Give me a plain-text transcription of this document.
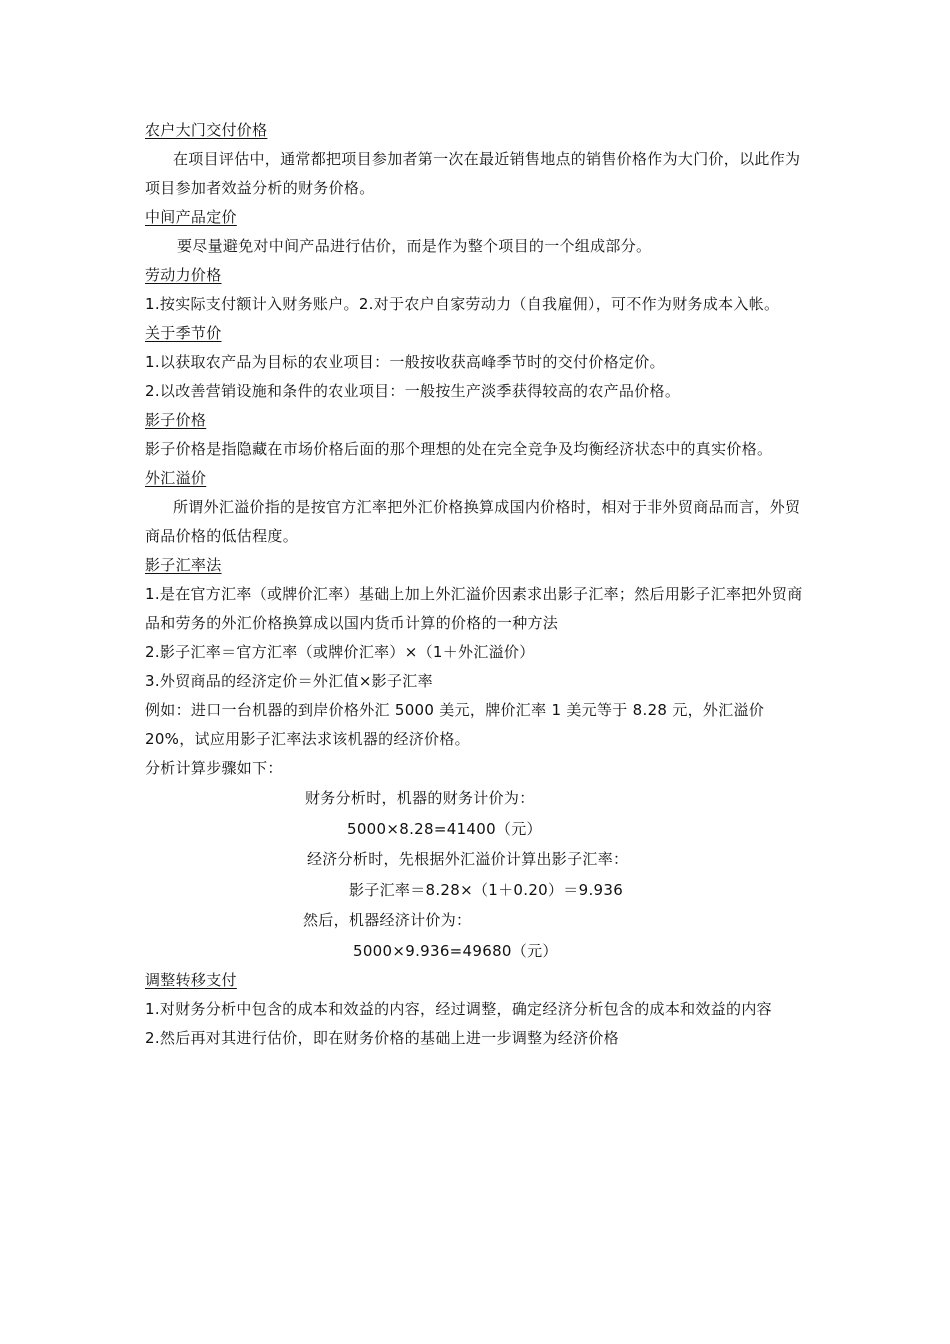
农户大门交付价格

在项目评估中，通常都把项目参加者第一次在最近销售地点的销售价格作为大门价，以此作为项目参加者效益分析的财务价格。

中间产品定价

要尽量避免对中间产品进行估价，而是作为整个项目的一个组成部分。

劳动力价格

1.按实际支付额计入财务账户。2.对于农户自家劳动力（自我雇佣），可不作为财务成本入帐。

关于季节价

1.以获取农产品为目标的农业项目：一般按收获高峰季节时的交付价格定价。

2.以改善营销设施和条件的农业项目：一般按生产淡季获得较高的农产品价格。

影子价格

影子价格是指隐藏在市场价格后面的那个理想的处在完全竞争及均衡经济状态中的真实价格。

外汇溢价

所谓外汇溢价指的是按官方汇率把外汇价格换算成国内价格时，相对于非外贸商品而言，外贸商品价格的低估程度。

影子汇率法

1.是在官方汇率（或牌价汇率）基础上加上外汇溢价因素求出影子汇率；然后用影子汇率把外贸商品和劳务的外汇价格换算成以国内货币计算的价格的一种方法

2.影子汇率＝官方汇率（或牌价汇率）×（1＋外汇溢价）

3.外贸商品的经济定价＝外汇值×影子汇率

例如：进口一台机器的到岸价格外汇 5000 美元，牌价汇率 1 美元等于 8.28 元，外汇溢价 20%，试应用影子汇率法求该机器的经济价格。

分析计算步骤如下：

财务分析时，机器的财务计价为：
5000×8.28=41400（元）
经济分析时，先根据外汇溢价计算出影子汇率：
影子汇率＝8.28×（1＋0.20）＝9.936
然后，机器经济计价为：
5000×9.936=49680（元）

调整转移支付

1.对财务分析中包含的成本和效益的内容，经过调整，确定经济分析包含的成本和效益的内容

2.然后再对其进行估价，即在财务价格的基础上进一步调整为经济价格
